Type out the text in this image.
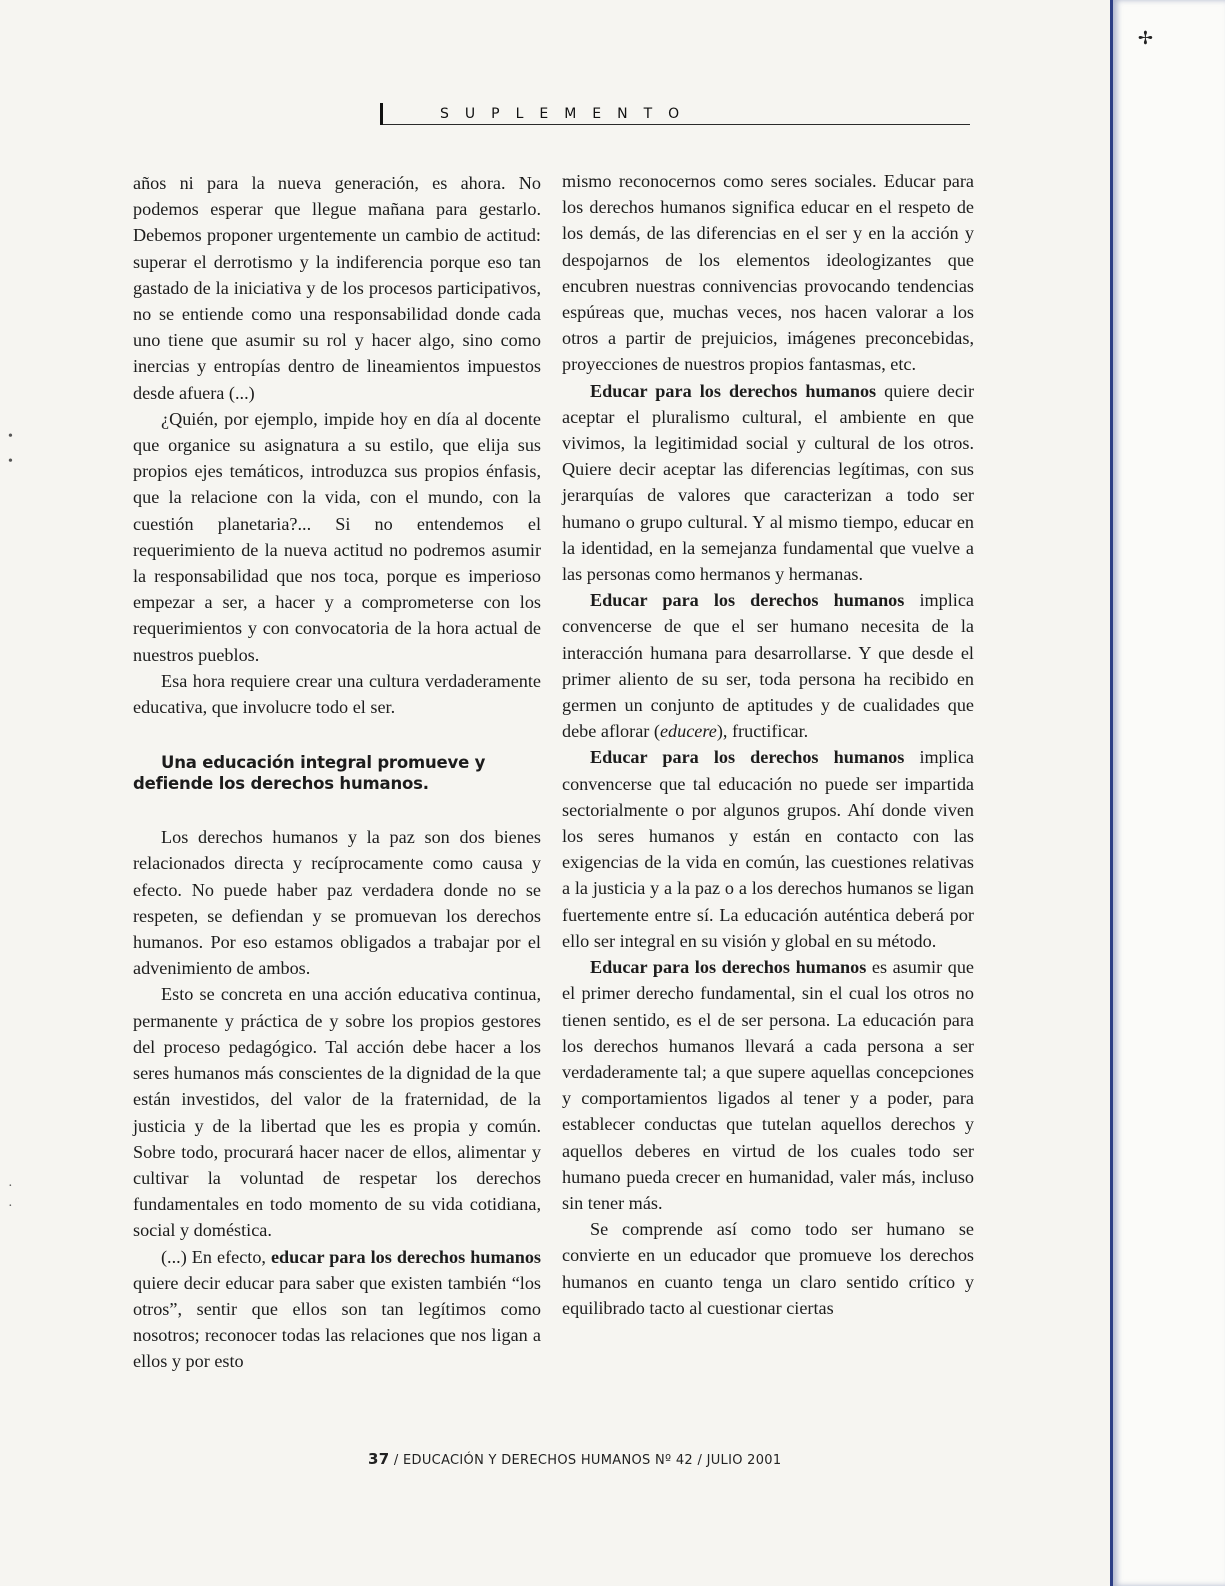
✢
•
•
·
·
SUPLEMENTO

años ni para la nueva generación, es ahora. No podemos esperar que llegue mañana para gestarlo. Debemos proponer urgentemente un cambio de actitud: superar el derrotismo y la indiferencia porque eso tan gastado de la iniciativa y de los procesos participativos, no se entiende como una responsabilidad donde cada uno tiene que asumir su rol y hacer algo, sino como inercias y entropías dentro de lineamientos impuestos desde afuera (...)

¿Quién, por ejemplo, impide hoy en día al docente que organice su asignatura a su estilo, que elija sus propios ejes temáticos, introduzca sus propios énfasis, que la relacione con la vida, con el mundo, con la cuestión planetaria?... Si no entendemos el requerimiento de la nueva actitud no podremos asumir la responsabilidad que nos toca, porque es imperioso empezar a ser, a hacer y a comprometerse con los requerimientos y con convocatoria de la hora actual de nuestros pueblos.

Esa hora requiere crear una cultura verdaderamente educativa, que involucre todo el ser.

Una educación integral promueve y defiende los derechos humanos.

Los derechos humanos y la paz son dos bienes relacionados directa y recíprocamente como causa y efecto. No puede haber paz verdadera donde no se respeten, se defiendan y se promuevan los derechos humanos. Por eso estamos obligados a trabajar por el advenimiento de ambos.

Esto se concreta en una acción educativa continua, permanente y práctica de y sobre los propios gestores del proceso pedagógico. Tal acción debe hacer a los seres humanos más conscientes de la dignidad de la que están investidos, del valor de la fraternidad, de la justicia y de la libertad que les es propia y común. Sobre todo, procurará hacer nacer de ellos, alimentar y cultivar la voluntad de respetar los derechos fundamentales en todo momento de su vida cotidiana, social y doméstica.

(...) En efecto, educar para los derechos humanos quiere decir educar para saber que existen también “los otros”, sentir que ellos son tan legítimos como nosotros; reconocer todas las relaciones que nos ligan a ellos y por esto

mismo reconocernos como seres sociales. Educar para los derechos humanos significa educar en el respeto de los demás, de las diferencias en el ser y en la acción y despojarnos de los elementos ideologizantes que encubren nuestras connivencias provocando tendencias espúreas que, muchas veces, nos hacen valorar a los otros a partir de prejuicios, imágenes preconcebidas, proyecciones de nuestros propios fantasmas, etc.

Educar para los derechos humanos quiere decir aceptar el pluralismo cultural, el ambiente en que vivimos, la legitimidad social y cultural de los otros. Quiere decir aceptar las diferencias legítimas, con sus jerarquías de valores que caracterizan a todo ser humano o grupo cultural. Y al mismo tiempo, educar en la identidad, en la semejanza fundamental que vuelve a las personas como hermanos y hermanas.

Educar para los derechos humanos implica convencerse de que el ser humano necesita de la interacción humana para desarrollarse. Y que desde el primer aliento de su ser, toda persona ha recibido en germen un conjunto de aptitudes y de cualidades que debe aflorar (educere), fructificar.

Educar para los derechos humanos implica convencerse que tal educación no puede ser impartida sectorialmente o por algunos grupos. Ahí donde viven los seres humanos y están en contacto con las exigencias de la vida en común, las cuestiones relativas a la justicia y a la paz o a los derechos humanos se ligan fuertemente entre sí. La educación auténtica deberá por ello ser integral en su visión y global en su método.

Educar para los derechos humanos es asumir que el primer derecho fundamental, sin el cual los otros no tienen sentido, es el de ser persona. La educación para los derechos humanos llevará a cada persona a ser verdaderamente tal; a que supere aquellas concepciones y comportamientos ligados al tener y a poder, para establecer conductas que tutelan aquellos derechos y aquellos deberes en virtud de los cuales todo ser humano pueda crecer en humanidad, valer más, incluso sin tener más.

Se comprende así como todo ser humano se convierte en un educador que promueve los derechos humanos en cuanto tenga un claro sentido crítico y equilibrado tacto al cuestionar ciertas

37 / EDUCACIÓN Y DERECHOS HUMANOS Nº 42 / JULIO 2001
